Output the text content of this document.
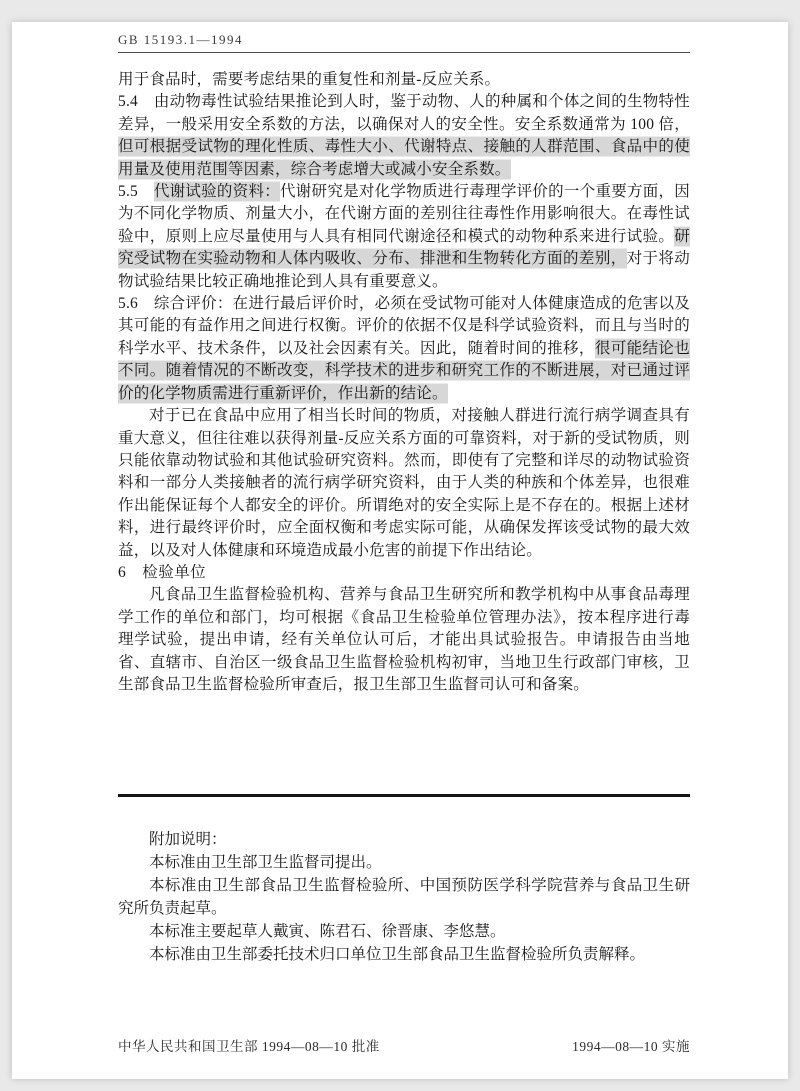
GB 15193.1—1994

用于食品时，需要考虑结果的重复性和剂量-反应关系。

5.4　由动物毒性试验结果推论到人时，鉴于动物、人的种属和个体之间的生物特性差异，一般采用安全系数的方法，以确保对人的安全性。安全系数通常为 100 倍，但可根据受试物的理化性质、毒性大小、代谢特点、接触的人群范围、食品中的使用量及使用范围等因素，综合考虑增大或减小安全系数。

5.5　代谢试验的资料：代谢研究是对化学物质进行毒理学评价的一个重要方面，因为不同化学物质、剂量大小，在代谢方面的差别往往毒性作用影响很大。在毒性试验中，原则上应尽量使用与人具有相同代谢途径和模式的动物种系来进行试验。研究受试物在实验动物和人体内吸收、分布、排泄和生物转化方面的差别，对于将动物试验结果比较正确地推论到人具有重要意义。

5.6　综合评价：在进行最后评价时，必须在受试物可能对人体健康造成的危害以及其可能的有益作用之间进行权衡。评价的依据不仅是科学试验资料，而且与当时的科学水平、技术条件，以及社会因素有关。因此，随着时间的推移，很可能结论也不同。随着情况的不断改变，科学技术的进步和研究工作的不断进展，对已通过评价的化学物质需进行重新评价，作出新的结论。

对于已在食品中应用了相当长时间的物质，对接触人群进行流行病学调查具有重大意义，但往往难以获得剂量-反应关系方面的可靠资料，对于新的受试物质，则只能依靠动物试验和其他试验研究资料。然而，即使有了完整和详尽的动物试验资料和一部分人类接触者的流行病学研究资料，由于人类的种族和个体差异，也很难作出能保证每个人都安全的评价。所谓绝对的安全实际上是不存在的。根据上述材料，进行最终评价时，应全面权衡和考虑实际可能，从确保发挥该受试物的最大效益，以及对人体健康和环境造成最小危害的前提下作出结论。

6　检验单位

凡食品卫生监督检验机构、营养与食品卫生研究所和教学机构中从事食品毒理学工作的单位和部门，均可根据《食品卫生检验单位管理办法》，按本程序进行毒理学试验，提出申请，经有关单位认可后，才能出具试验报告。申请报告由当地省、直辖市、自治区一级食品卫生监督检验机构初审，当地卫生行政部门审核，卫生部食品卫生监督检验所审查后，报卫生部卫生监督司认可和备案。

附加说明：

本标准由卫生部卫生监督司提出。

本标准由卫生部食品卫生监督检验所、中国预防医学科学院营养与食品卫生研究所负责起草。

本标准主要起草人戴寅、陈君石、徐晋康、李悠慧。

本标准由卫生部委托技术归口单位卫生部食品卫生监督检验所负责解释。

中华人民共和国卫生部 1994—08—10 批准	1994—08—10 实施
